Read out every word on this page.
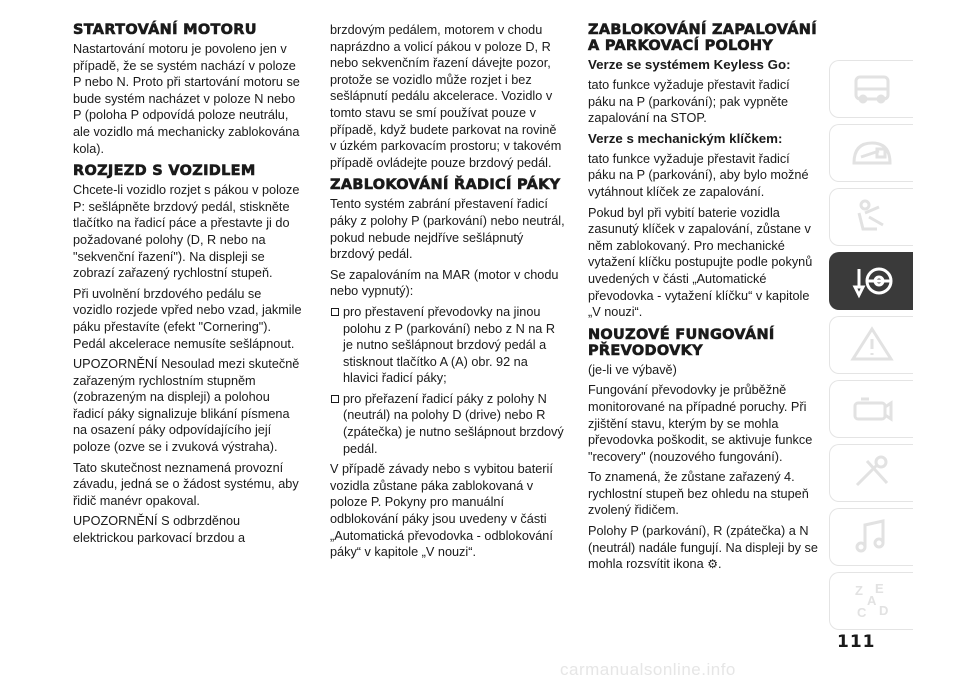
STARTOVÁNÍ MOTORU

Nastartování motoru je povoleno jen v případě, že se systém nachází v poloze P nebo N. Proto při startování motoru se bude systém nacházet v poloze N nebo P (poloha P odpovídá poloze neutrálu, ale vozidlo má mechanicky zablokována kola).

ROZJEZD S VOZIDLEM

Chcete-li vozidlo rozjet s pákou v poloze P: sešlápněte brzdový pedál, stiskněte tlačítko na řadicí páce a přestavte ji do požadované polohy (D, R nebo na "sekvenční řazení"). Na displeji se zobrazí zařazený rychlostní stupeň.

Při uvolnění brzdového pedálu se vozidlo rozjede vpřed nebo vzad, jakmile páku přestavíte (efekt "Cornering"). Pedál akcelerace nemusíte sešlápnout.

UPOZORNĚNÍ Nesoulad mezi skutečně zařazeným rychlostním stupněm (zobrazeným na displeji) a polohou řadicí páky signalizuje blikání písmena na osazení páky odpovídajícího její poloze (ozve se i zvuková výstraha).

Tato skutečnost neznamená provozní závadu, jedná se o žádost systému, aby řidič manévr opakoval.

UPOZORNĚNÍ S odbrzděnou elektrickou parkovací brzdou a

brzdovým pedálem, motorem v chodu naprázdno a volicí pákou v poloze D, R nebo sekvenčním řazení dávejte pozor, protože se vozidlo může rozjet i bez sešlápnutí pedálu akcelerace. Vozidlo v tomto stavu se smí používat pouze v případě, když budete parkovat na rovině v úzkém parkovacím prostoru; v takovém případě ovládejte pouze brzdový pedál.

ZABLOKOVÁNÍ ŘADICÍ PÁKY

Tento systém zabrání přestavení řadicí páky z polohy P (parkování) nebo neutrál, pokud nebude nejdříve sešlápnutý brzdový pedál.

Se zapalováním na MAR (motor v chodu nebo vypnutý):

pro přestavení převodovky na jinou polohu z P (parkování) nebo z N na R je nutno sešlápnout brzdový pedál a stisknout tlačítko A (A) obr. 92 na hlavici řadicí páky;

pro přeřazení řadicí páky z polohy N (neutrál) na polohy D (drive) nebo R (zpátečka) je nutno sešlápnout brzdový pedál.

V případě závady nebo s vybitou baterií vozidla zůstane páka zablokovaná v poloze P. Pokyny pro manuální odblokování páky jsou uvedeny v části „Automatická převodovka - odblokování páky“ v kapitole „V nouzi“.

ZABLOKOVÁNÍ ZAPALOVÁNÍ A PARKOVACÍ POLOHY

Verze se systémem Keyless Go:

tato funkce vyžaduje přestavit řadicí páku na P (parkování); pak vypněte zapalování na STOP.

Verze s mechanickým klíčkem:

tato funkce vyžaduje přestavit řadicí páku na P (parkování), aby bylo možné vytáhnout klíček ze zapalování.

Pokud byl při vybití baterie vozidla zasunutý klíček v zapalování, zůstane v něm zablokovaný. Pro mechanické vytažení klíčku postupujte podle pokynů uvedených v části „Automatické převodovka - vytažení klíčku“ v kapitole „V nouzi“.

NOUZOVÉ FUNGOVÁNÍ PŘEVODOVKY

(je-li ve výbavě)

Fungování převodovky je průběžně monitorované na případné poruchy. Při zjištění stavu, kterým by se mohla převodovka poškodit, se aktivuje funkce "recovery" (nouzového fungování).

To znamená, že zůstane zařazený 4. rychlostní stupeň bez ohledu na stupeň zvolený řidičem.

Polohy P (parkování), R (zpátečka) a N (neutrál) nadále fungují. Na displeji by se mohla rozsvítit ikona ⚙.

Z E
A
C D
111
carmanualsonline.info
